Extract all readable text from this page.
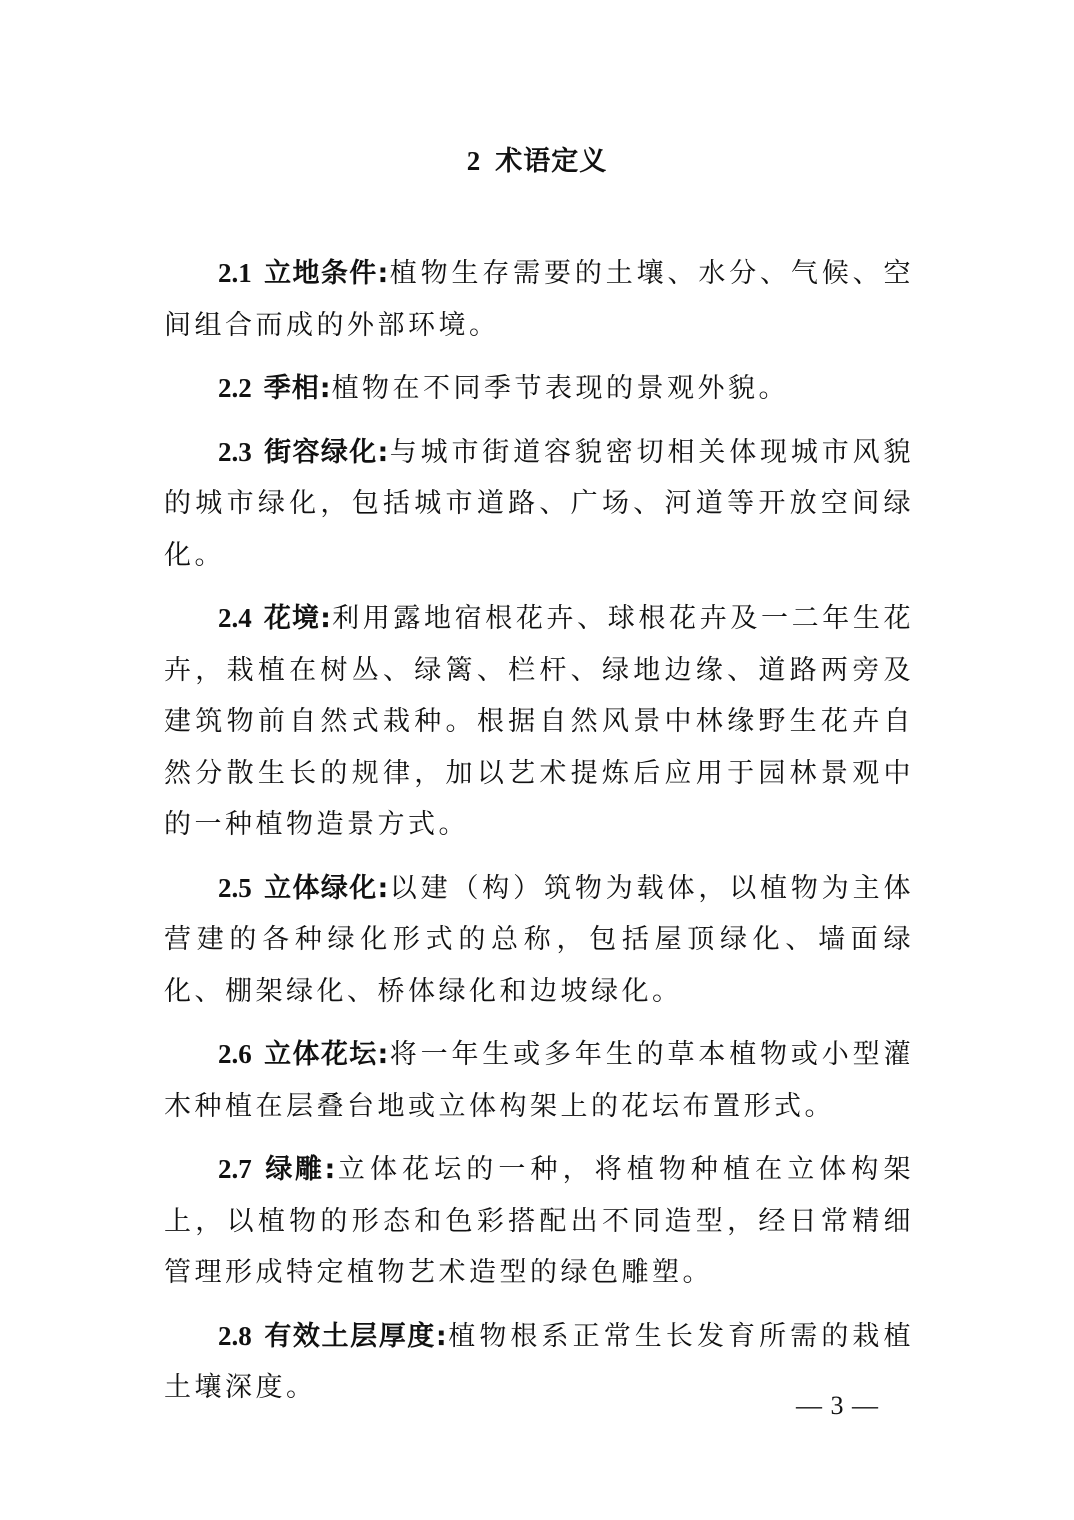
2 术语定义

2.1 立地条件:植物生存需要的土壤、水分、气候、空间组合而成的外部环境。

2.2 季相:植物在不同季节表现的景观外貌。

2.3 街容绿化:与城市街道容貌密切相关体现城市风貌的城市绿化，包括城市道路、广场、河道等开放空间绿化。

2.4 花境:利用露地宿根花卉、球根花卉及一二年生花卉，栽植在树丛、绿篱、栏杆、绿地边缘、道路两旁及建筑物前自然式栽种。根据自然风景中林缘野生花卉自然分散生长的规律，加以艺术提炼后应用于园林景观中的一种植物造景方式。

2.5 立体绿化:以建（构）筑物为载体，以植物为主体营建的各种绿化形式的总称，包括屋顶绿化、墙面绿化、棚架绿化、桥体绿化和边坡绿化。

2.6 立体花坛:将一年生或多年生的草本植物或小型灌木种植在层叠台地或立体构架上的花坛布置形式。

2.7 绿雕:立体花坛的一种，将植物种植在立体构架上，以植物的形态和色彩搭配出不同造型，经日常精细管理形成特定植物艺术造型的绿色雕塑。

2.8 有效土层厚度:植物根系正常生长发育所需的栽植土壤深度。

— 3 —
